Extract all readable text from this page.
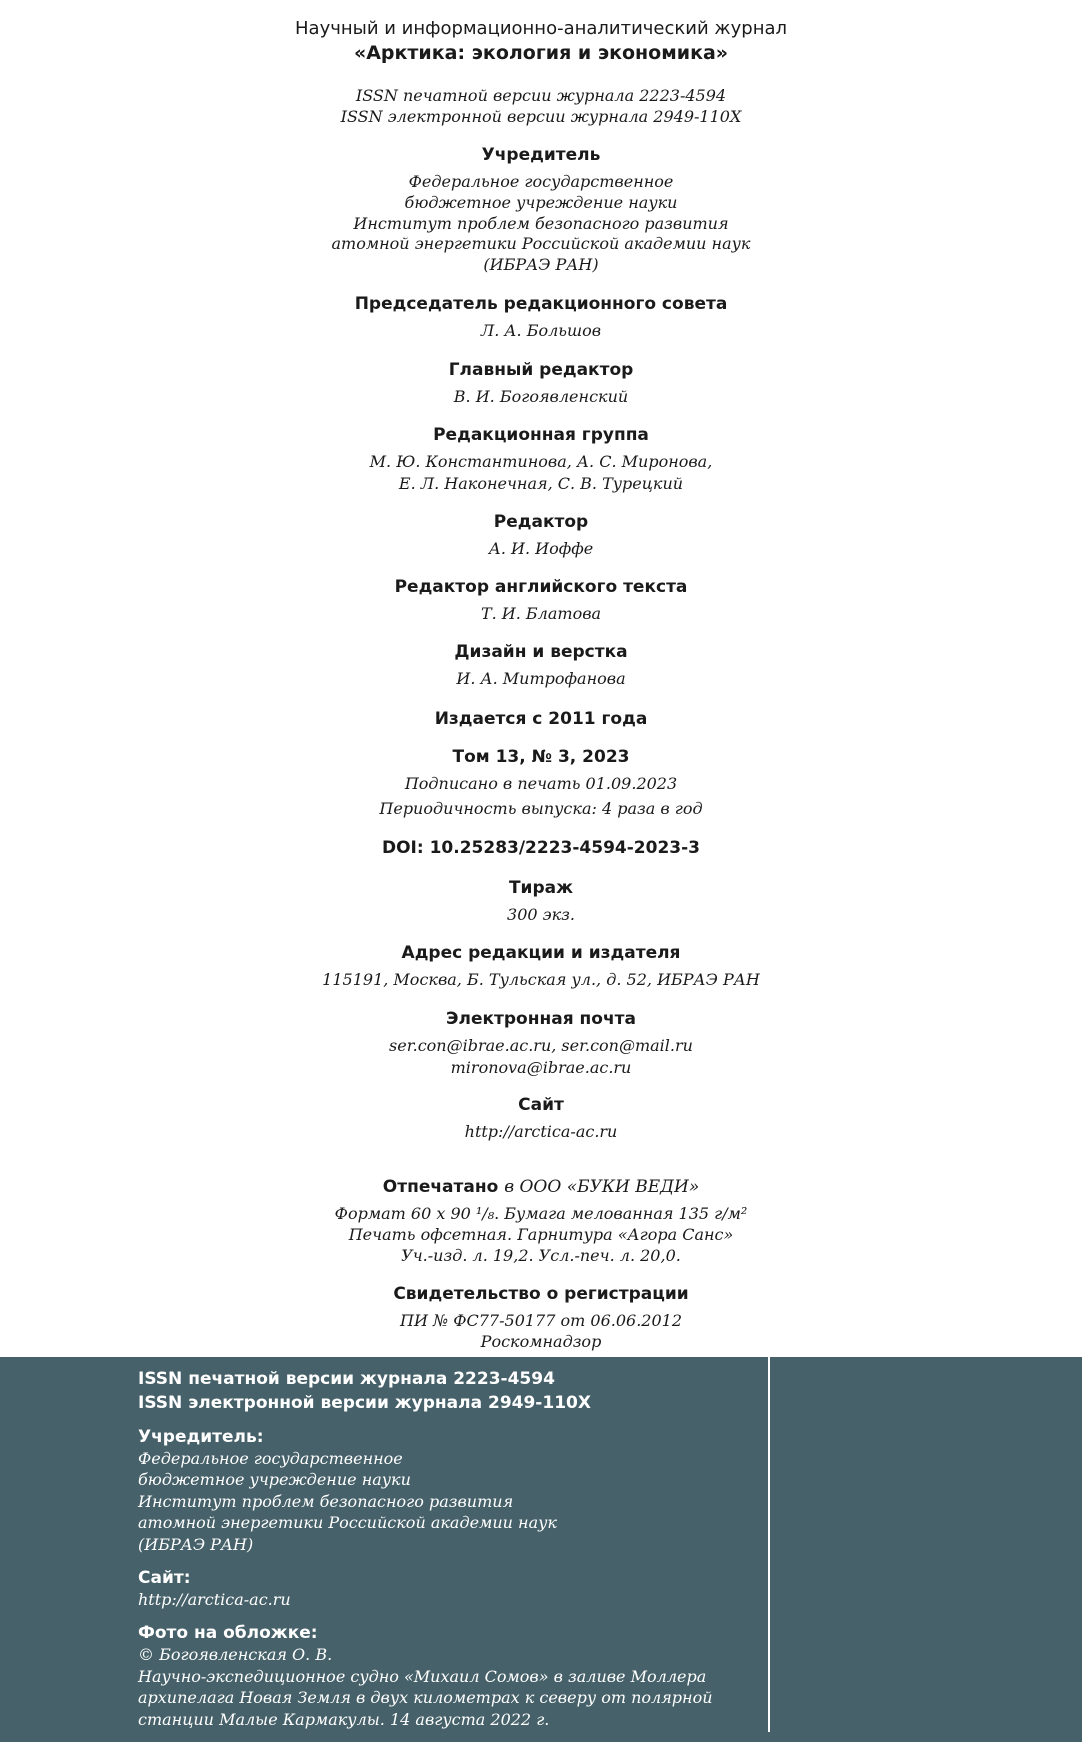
Научный и информационно-аналитический журнал
«Арктика: экология и экономика»
ISSN печатной версии журнала 2223-4594
ISSN электронной версии журнала 2949-110X
Учредитель
Федеральное государственное
бюджетное учреждение науки
Институт проблем безопасного развития
атомной энергетики Российской академии наук
(ИБРАЭ РАН)
Председатель редакционного совета
Л. А. Большов
Главный редактор
В. И. Богоявленский
Редакционная группа
М. Ю. Константинова, А. С. Миронова,
Е. Л. Наконечная, С. В. Турецкий
Редактор
А. И. Иоффе
Редактор английского текста
Т. И. Блатова
Дизайн и верстка
И. А. Митрофанова
Издается с 2011 года
Том 13, № 3, 2023
Подписано в печать 01.09.2023
Периодичность выпуска: 4 раза в год
DOI: 10.25283/2223-4594-2023-3
Тираж
300 экз.
Адрес редакции и издателя
115191, Москва, Б. Тульская ул., д. 52, ИБРАЭ РАН
Электронная почта
ser.con@ibrae.ac.ru, ser.con@mail.ru
mironova@ibrae.ac.ru
Сайт
http://arctica-ac.ru
Отпечатано в ООО «БУКИ ВЕДИ»
Формат 60 х 90 ¹/₈. Бумага мелованная 135 г/м²
Печать офсетная. Гарнитура «Агора Санс»
Уч.-изд. л. 19,2. Усл.-печ. л. 20,0.
Свидетельство о регистрации
ПИ № ФС77-50177 от 06.06.2012
Роскомнадзор
ISSN печатной версии журнала 2223-4594
ISSN электронной версии журнала 2949-110X
Учредитель:
Федеральное государственное
бюджетное учреждение науки
Институт проблем безопасного развития
атомной энергетики Российской академии наук
(ИБРАЭ РАН)
Сайт:
http://arctica-ac.ru
Фото на обложке:
© Богоявленская О. В.
Научно-экспедиционное судно «Михаил Сомов» в заливе Моллера
архипелага Новая Земля в двух километрах к северу от полярной
станции Малые Кармакулы. 14 августа 2022 г.
